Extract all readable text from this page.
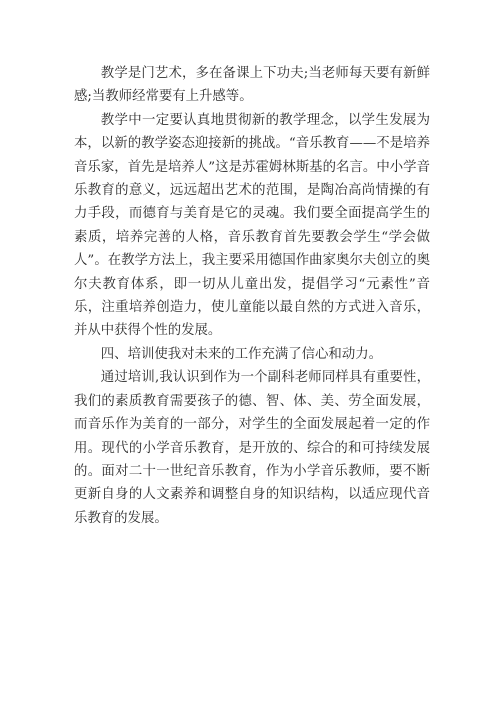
教学是门艺术，多在备课上下功夫;当老师每天要有新鲜感;当教师经常要有上升感等。

教学中一定要认真地贯彻新的教学理念，以学生发展为本，以新的教学姿态迎接新的挑战。“音乐教育——不是培养音乐家，首先是培养人”这是苏霍姆林斯基的名言。中小学音乐教育的意义，远远超出艺术的范围，是陶冶高尚情操的有力手段，而德育与美育是它的灵魂。我们要全面提高学生的素质，培养完善的人格，音乐教育首先要教会学生“学会做人”。在教学方法上，我主要采用德国作曲家奥尔夫创立的奥尔夫教育体系，即一切从儿童出发，提倡学习“元素性”音乐，注重培养创造力，使儿童能以最自然的方式进入音乐，并从中获得个性的发展。

四、培训使我对未来的工作充满了信心和动力。

通过培训,我认识到作为一个副科老师同样具有重要性，我们的素质教育需要孩子的德、智、体、美、劳全面发展，而音乐作为美育的一部分，对学生的全面发展起着一定的作用。现代的小学音乐教育，是开放的、综合的和可持续发展的。面对二十一世纪音乐教育，作为小学音乐教师，要不断更新自身的人文素养和调整自身的知识结构，以适应现代音乐教育的发展。
